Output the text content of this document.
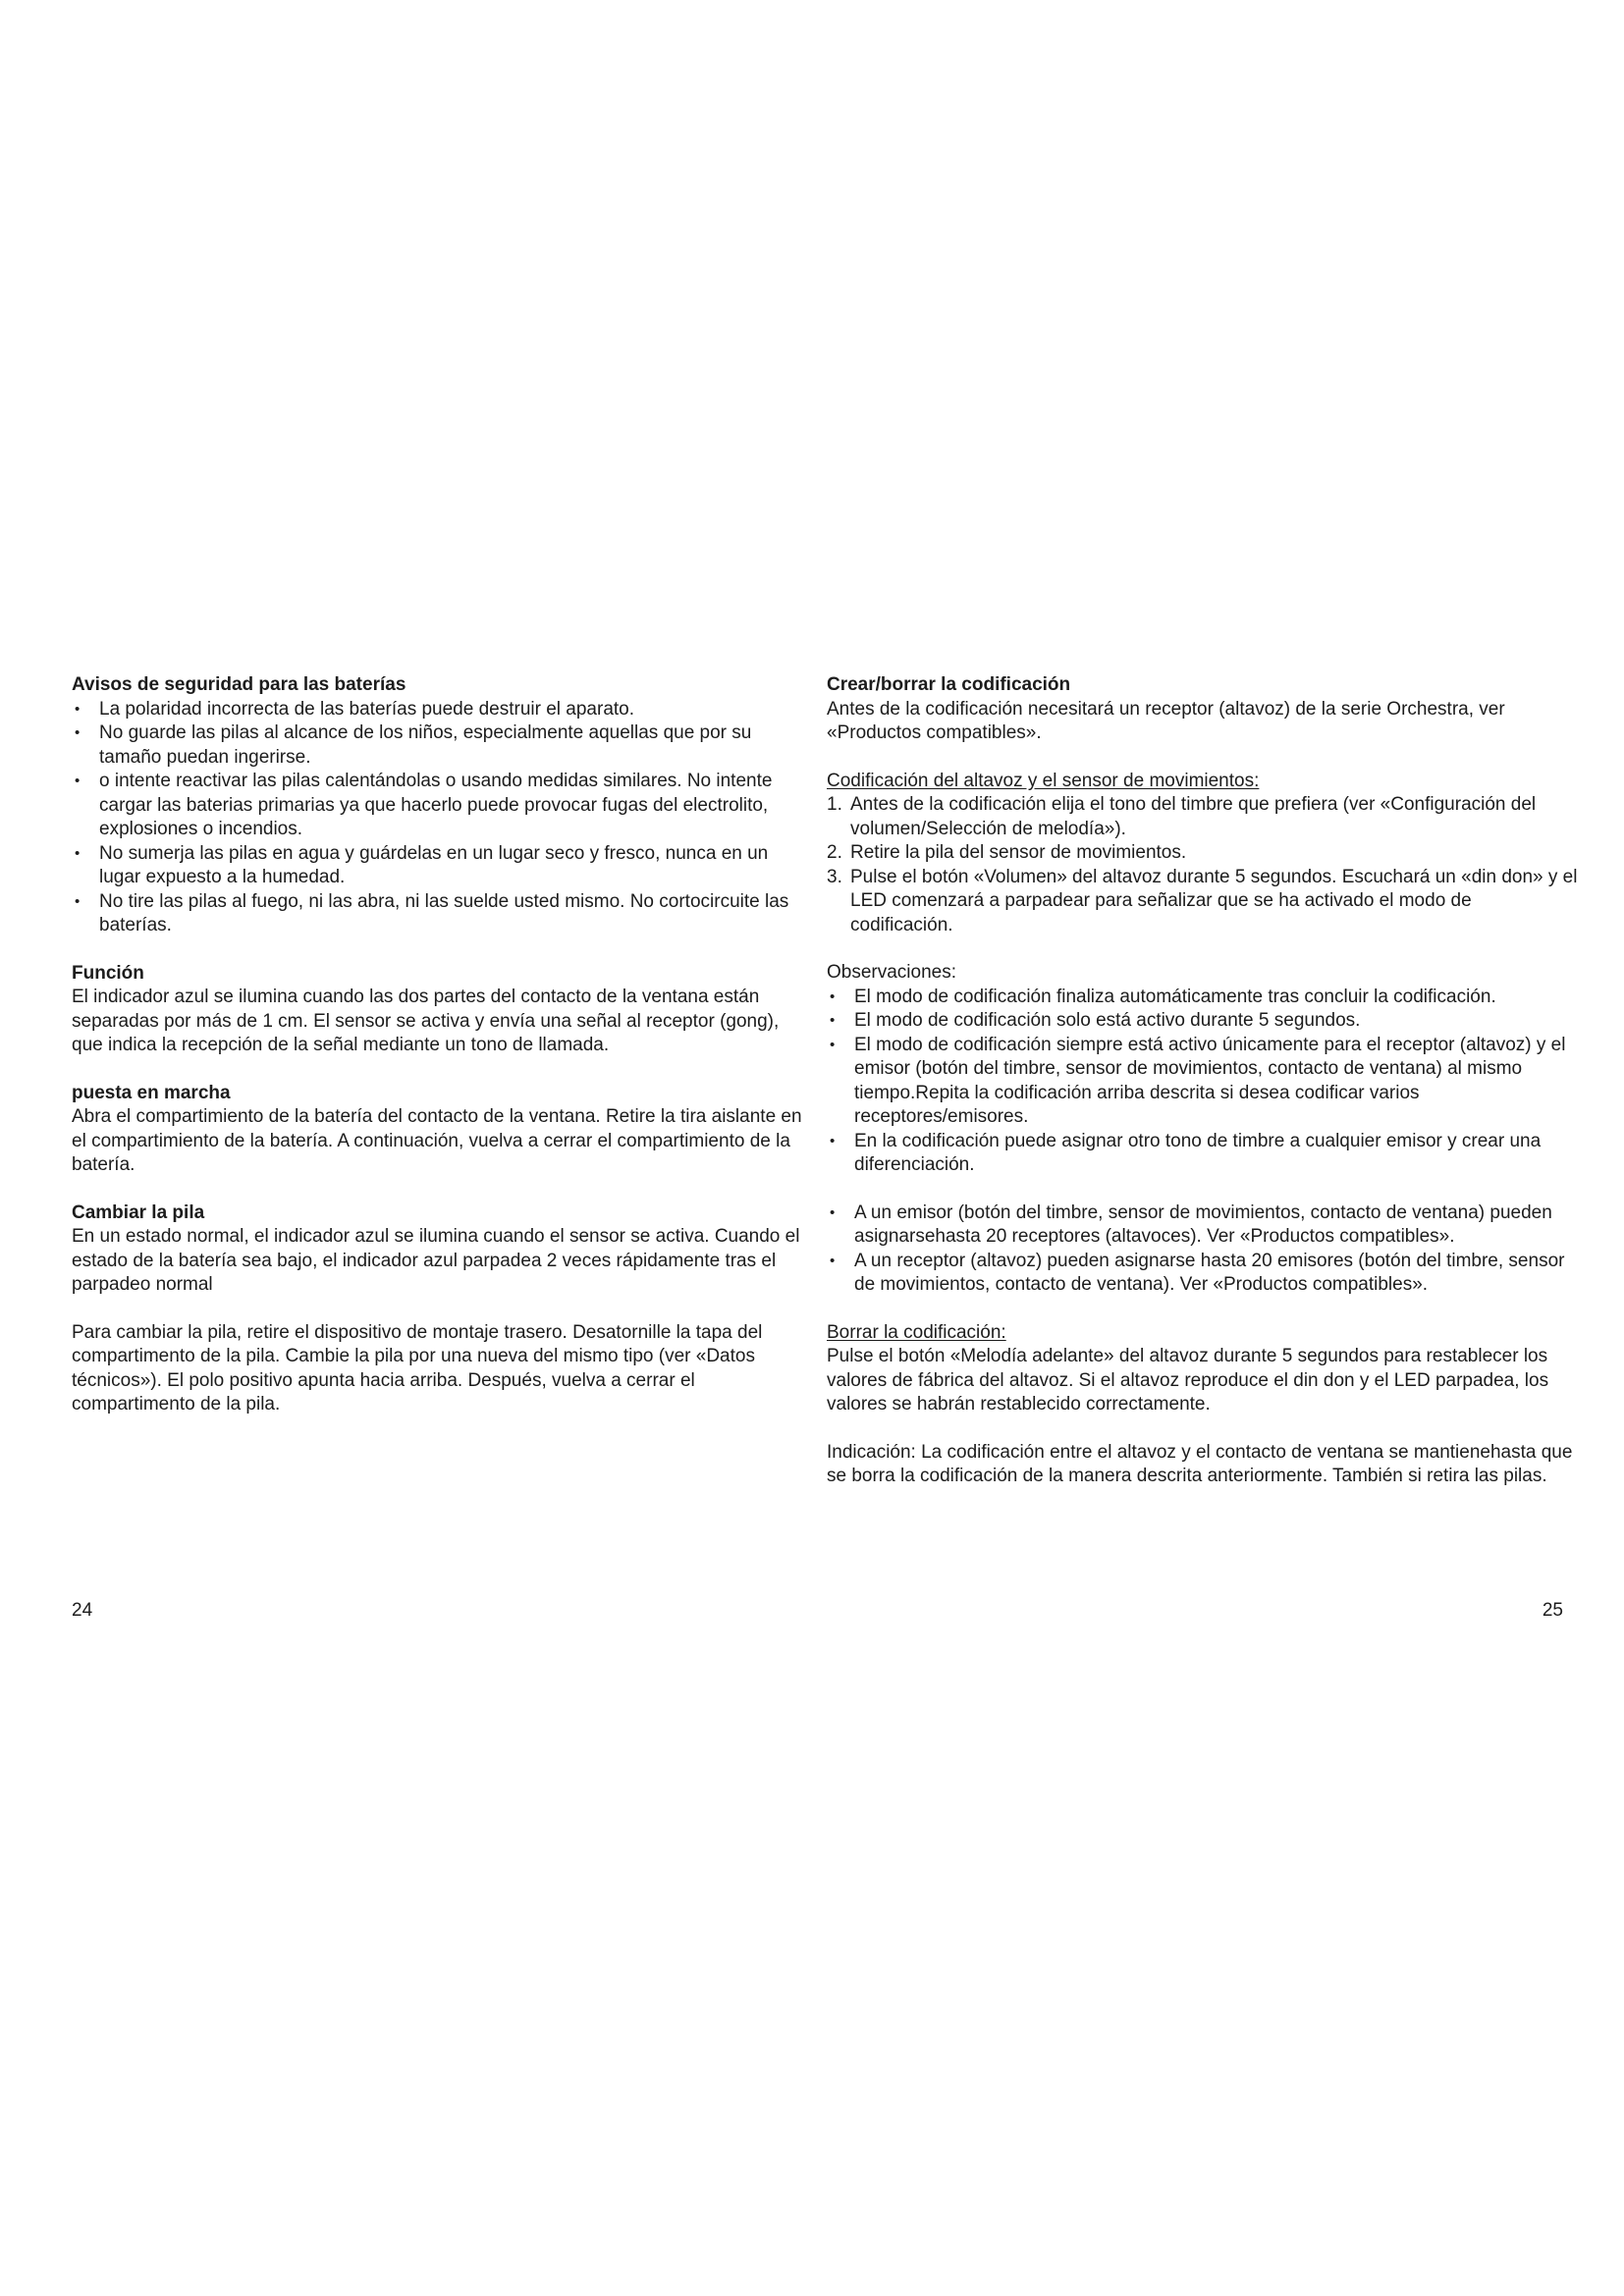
Avisos de seguridad para las baterías
• La polaridad incorrecta de las baterías puede destruir el aparato.
• No guarde las pilas al alcance de los niños, especialmente aquellas que por su tamaño puedan ingerirse.
• o intente reactivar las pilas calentándolas o usando medidas similares. No intente cargar las baterias primarias ya que hacerlo puede provocar fugas del electrolito, explosiones o incendios.
• No sumerja las pilas en agua y guárdelas en un lugar seco y fresco, nunca en un lugar expuesto a la humedad.
• No tire las pilas al fuego, ni las abra, ni las suelde usted mismo. No cortocircuite las baterías.
Función

El indicador azul se ilumina cuando las dos partes del contacto de la ventana están separadas por más de 1 cm. El sensor se activa y envía una señal al receptor (gong), que indica la recepción de la señal mediante un tono de llamada.

puesta en marcha

Abra el compartimiento de la batería del contacto de la ventana. Retire la tira aislante en el compartimiento de la batería. A continuación, vuelva a cerrar el compartimiento de la batería.

Cambiar la pila

En un estado normal, el indicador azul se ilumina cuando el sensor se activa. Cuando el estado de la batería sea bajo, el indicador azul parpadea 2 veces rápidamente tras el parpadeo normal

Para cambiar la pila, retire el dispositivo de montaje trasero. Desatornille la tapa del compartimento de la pila. Cambie la pila por una nueva del mismo tipo (ver «Datos técnicos»). El polo positivo apunta hacia arriba. Después, vuelva a cerrar el compartimento de la pila.

Crear/borrar la codificación

Antes de la codificación necesitará un receptor (altavoz) de la serie Orchestra, ver «Productos compatibles».

Codificación del altavoz y el sensor de movimientos:

1. Antes de la codificación elija el tono del timbre que prefiera (ver «Configuración del volumen/Selección de melodía»).
2. Retire la pila del sensor de movimientos.
3. Pulse el botón «Volumen» del altavoz durante 5 segundos. Escuchará un «din don» y el LED comenzará a parpadear para señalizar que se ha activado el modo de codificación.

Observaciones:

• El modo de codificación finaliza automáticamente tras concluir la codificación.
• El modo de codificación solo está activo durante 5 segundos.
• El modo de codificación siempre está activo únicamente para el receptor (altavoz) y el emisor (botón del timbre, sensor de movimientos, contacto de ventana) al mismo tiempo.Repita la codificación arriba descrita si desea codificar varios receptores/emisores.
• En la codificación puede asignar otro tono de timbre a cualquier emisor y crear una diferenciación.
• A un emisor (botón del timbre, sensor de movimientos, contacto de ventana) pueden asignarsehasta 20 receptores (altavoces). Ver «Productos compatibles».
• A un receptor (altavoz) pueden asignarse hasta 20 emisores (botón del timbre, sensor de movimientos, contacto de ventana). Ver «Productos compatibles».

Borrar la codificación:

Pulse el botón «Melodía adelante» del altavoz durante 5 segundos para restablecer los valores de fábrica del altavoz. Si el altavoz reproduce el din don y el LED parpadea, los valores se habrán restablecido correctamente.

Indicación: La codificación entre el altavoz y el contacto de ventana se mantienehasta que se borra la codificación de la manera descrita anteriormente. También si retira las pilas.

24	25
